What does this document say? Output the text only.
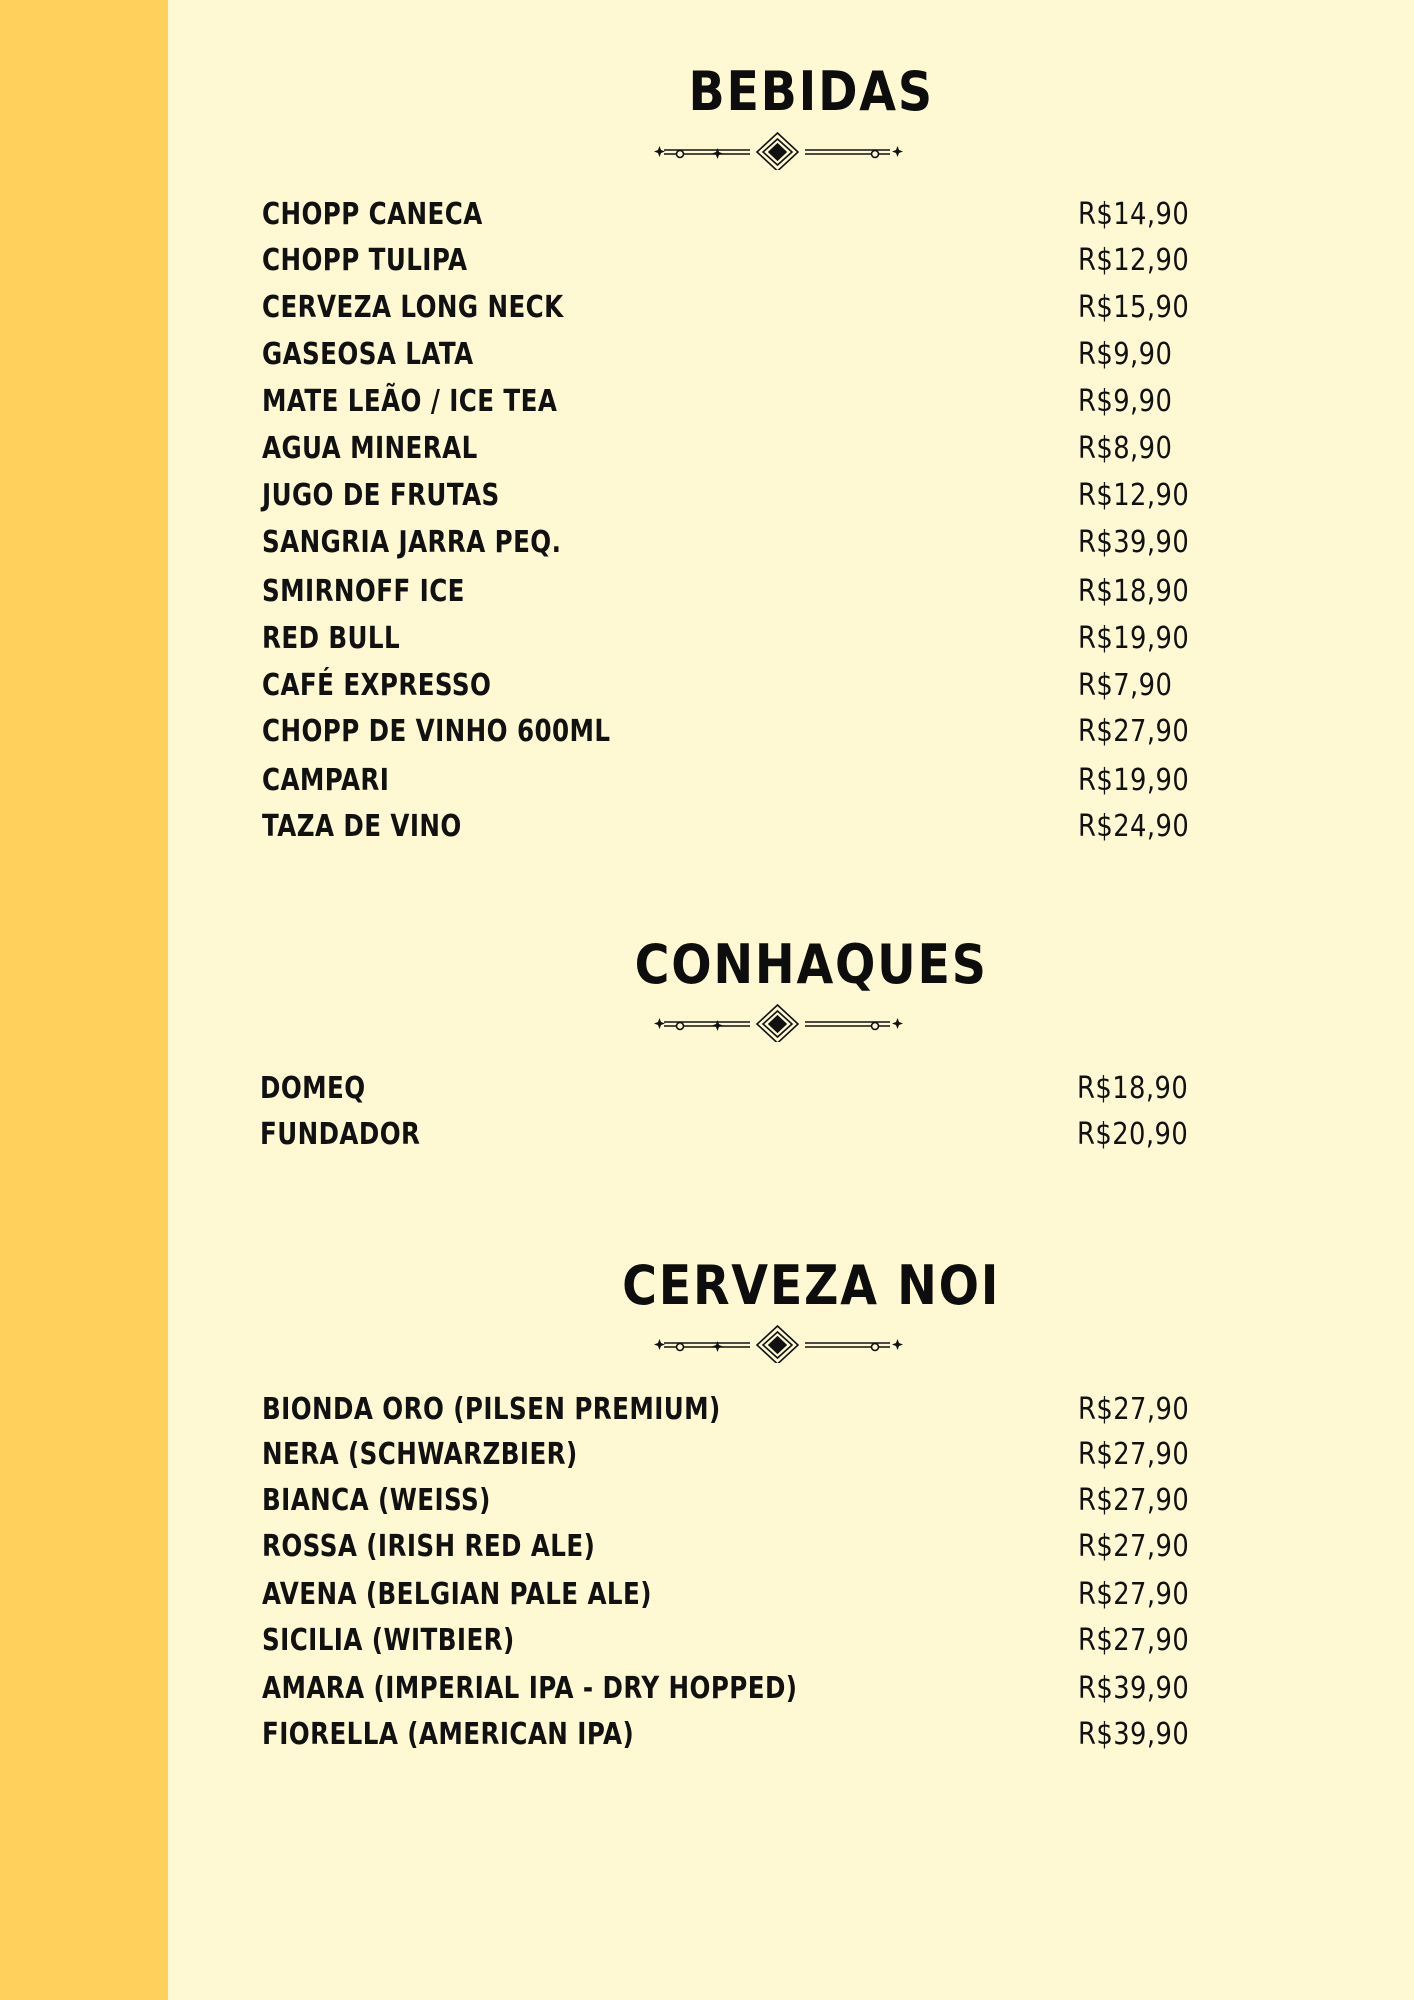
BEBIDAS
CHOPP CANECA	R$14,90
CHOPP TULIPA	R$12,90
CERVEZA LONG NECK	R$15,90
GASEOSA LATA	R$9,90
MATE LEÃO / ICE TEA	R$9,90
AGUA MINERAL	R$8,90
JUGO DE FRUTAS	R$12,90
SANGRIA JARRA PEQ.	R$39,90
SMIRNOFF ICE	R$18,90
RED BULL	R$19,90
CAFÉ EXPRESSO	R$7,90
CHOPP DE VINHO 600ML	R$27,90
CAMPARI	R$19,90
TAZA DE VINO	R$24,90
CONHAQUES
DOMEQ	R$18,90
FUNDADOR	R$20,90
CERVEZA NOI
BIONDA ORO (PILSEN PREMIUM)	R$27,90
NERA (SCHWARZBIER)	R$27,90
BIANCA (WEISS)	R$27,90
ROSSA (IRISH RED ALE)	R$27,90
AVENA (BELGIAN PALE ALE)	R$27,90
SICILIA (WITBIER)	R$27,90
AMARA (IMPERIAL IPA - DRY HOPPED)	R$39,90
FIORELLA (AMERICAN IPA)	R$39,90
